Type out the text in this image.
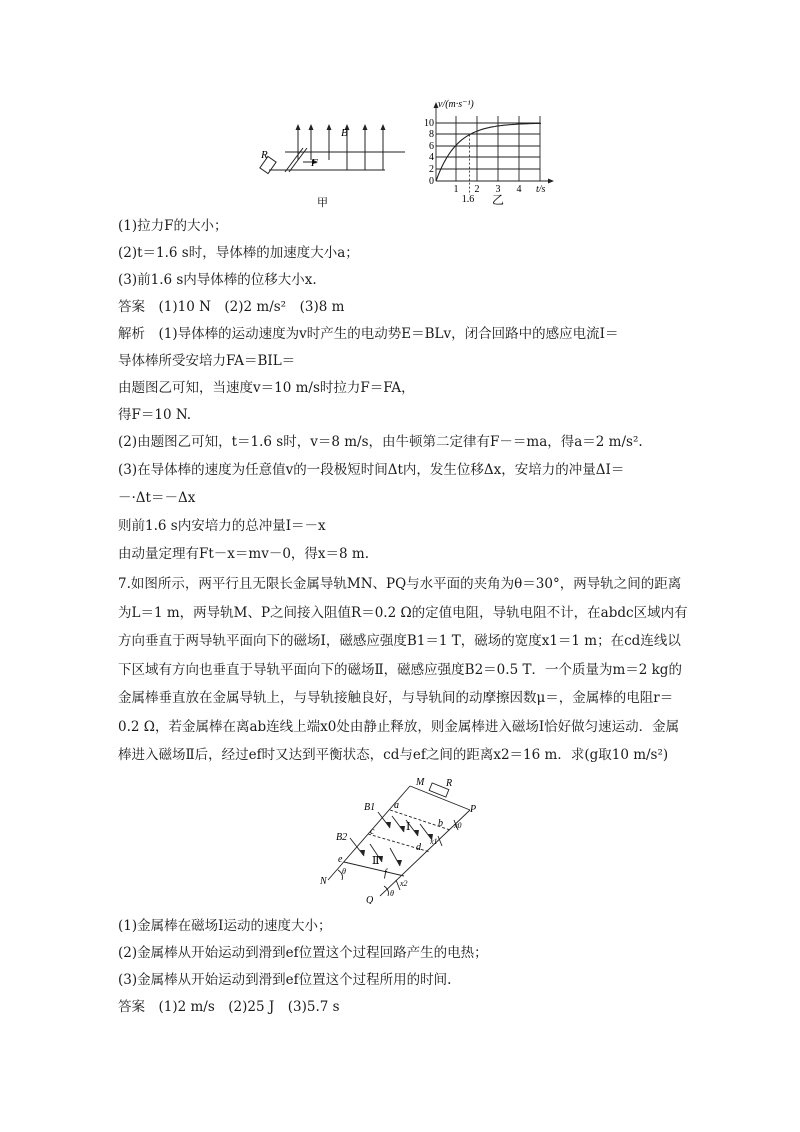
R
F
B
甲
v/(m·s⁻¹)
t/s
10
8
6
4
2
0
1 2 3 4
1.6 乙
(1)拉力F的大小；
(2)t＝1.6 s时，导体棒的加速度大小a；
(3)前1.6 s内导体棒的位移大小x.
答案　(1)10 N　(2)2 m/s²　(3)8 m
解析　(1)导体棒的运动速度为v时产生的电动势E＝BLv，闭合回路中的感应电流I＝
导体棒所受安培力FA＝BIL＝
由题图乙可知，当速度v＝10 m/s时拉力F＝FA，
得F＝10 N.
(2)由题图乙可知，t＝1.6 s时，v＝8 m/s，由牛顿第二定律有F－＝ma，得a＝2 m/s².
(3)在导体棒的速度为任意值v的一段极短时间Δt内，发生位移Δx，安培力的冲量ΔI＝
－·Δt＝－Δx
则前1.6 s内安培力的总冲量I＝－x
由动量定理有Ft－x＝mv－0，得x＝8 m.
7.如图所示，两平行且无限长金属导轨MN、PQ与水平面的夹角为θ＝30°，两导轨之间的距离为L＝1 m，两导轨M、P之间接入阻值R＝0.2 Ω的定值电阻，导轨电阻不计，在abdc区域内有方向垂直于两导轨平面向下的磁场Ⅰ，磁感应强度B1＝1 T，磁场的宽度x1＝1 m；在cd连线以下区域有方向也垂直于导轨平面向下的磁场Ⅱ，磁感应强度B2＝0.5 T．一个质量为m＝2 kg的金属棒垂直放在金属导轨上，与导轨接触良好，与导轨间的动摩擦因数μ＝，金属棒的电阻r＝0.2 Ω，若金属棒在离ab连线上端x0处由静止释放，则金属棒进入磁场Ⅰ恰好做匀速运动．金属棒进入磁场Ⅱ后，经过ef时又达到平衡状态，cd与ef之间的距离x2＝16 m．求(g取10 m/s²)
M R
P
B1
B2
a
b
c
d
e
f
x0
x1
x2
N
Q
θ
θ
Ⅰ
Ⅱ
(1)金属棒在磁场Ⅰ运动的速度大小；
(2)金属棒从开始运动到滑到ef位置这个过程回路产生的电热；
(3)金属棒从开始运动到滑到ef位置这个过程所用的时间.
答案　(1)2 m/s　(2)25 J　(3)5.7 s
